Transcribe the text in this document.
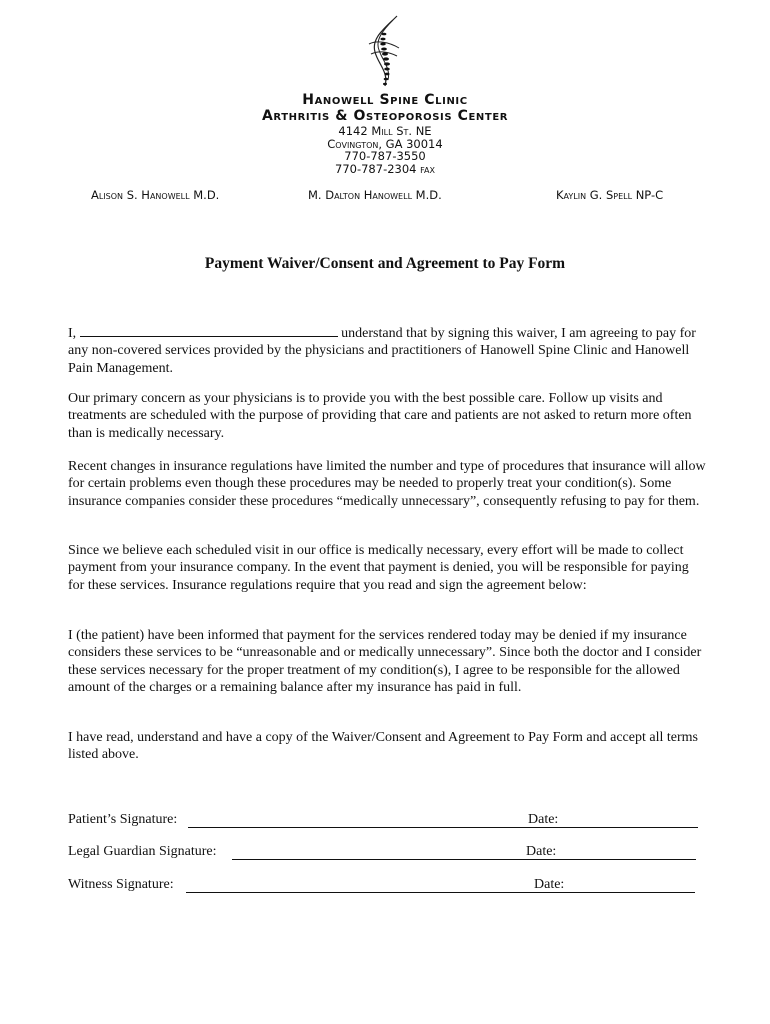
Hanowell Spine Clinic
Arthritis & Osteoporosis Center
4142 Mill St. NE
Covington, GA 30014
770-787-3550
770-787-2304 fax
Alison S. Hanowell M.D.	M. Dalton Hanowell M.D.	Kaylin G. Spell NP-C
Payment Waiver/Consent and Agreement to Pay Form
I,	understand that by signing this waiver, I am agreeing to pay for any non-covered services provided by the physicians and practitioners of Hanowell Spine Clinic and Hanowell Pain Management.

Our primary concern as your physicians is to provide you with the best possible care. Follow up visits and treatments are scheduled with the purpose of providing that care and patients are not asked to return more often than is medically necessary.

Recent changes in insurance regulations have limited the number and type of procedures that insurance will allow for certain problems even though these procedures may be needed to properly treat your condition(s). Some insurance companies consider these procedures “medically unnecessary”, consequently refusing to pay for them.

Since we believe each scheduled visit in our office is medically necessary, every effort will be made to collect payment from your insurance company. In the event that payment is denied, you will be responsible for paying for these services. Insurance regulations require that you read and sign the agreement below:

I (the patient) have been informed that payment for the services rendered today may be denied if my insurance considers these services to be “unreasonable and or medically unnecessary”. Since both the doctor and I consider these services necessary for the proper treatment of my condition(s), I agree to be responsible for the allowed amount of the charges or a remaining balance after my insurance has paid in full.

I have read, understand and have a copy of the Waiver/Consent and Agreement to Pay Form and accept all terms listed above.

Patient’s Signature:	Date:
Legal Guardian Signature:	Date:
Witness Signature:	Date:
